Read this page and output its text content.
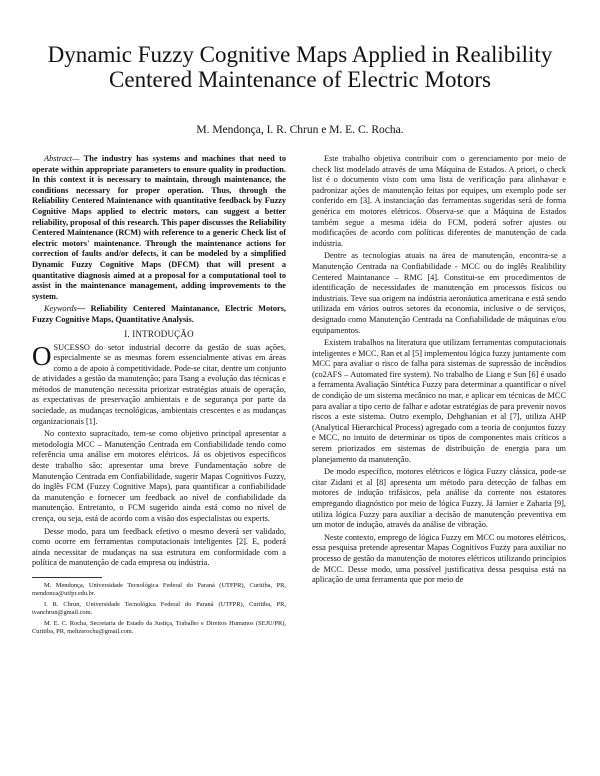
Dynamic Fuzzy Cognitive Maps Applied in Realibility Centered Maintenance of Electric Motors
M. Mendonça, I. R. Chrun e M. E. C. Rocha.

Abstract— The industry has systems and machines that need to operate within appropriate parameters to ensure quality in production. In this context it is necessary to maintain, through maintenance, the conditions necessary for proper operation. Thus, through the Reliability Centered Maintenance with quantitative feedback by Fuzzy Cognitive Maps applied to electric motors, can suggest a better reliability, proposal of this research. This paper discusses the Reliability Centered Maintenance (RCM) with reference to a generic Check list of electric motors' maintenance. Through the maintenance actions for correction of faults and/or defects, it can be modeled by a simplified Dynamic Fuzzy Cognitive Maps (DFCM) that will present a quantitative diagnosis aimed at a proposal for a computational tool to assist in the maintenance management, adding improvements to the system.

Keywords— Reliability Centered Maintanance, Electric Motors, Fuzzy Cognitive Maps, Quantitative Analysis.

I. INTRODUÇÃO

OSUCESSO do setor industrial decorre da gestão de suas ações, especialmente se as mesmas forem essencialmente ativas em áreas como a de apoio à competitividade. Pode-se citar, dentre um conjunto de atividades a gestão da manutenção; para Tsang a evolução das técnicas e métodos de manutenção necessita priorizar estratégias atuais de operação, as expectativas de preservação ambientais e de segurança por parte da sociedade, as mudanças tecnológicas, ambientais crescentes e as mudanças organizacionais [1].

No contexto supracitado, tem-se como objetivo principal apresentar a metodologia MCC – Manutenção Centrada em Confiabilidade tendo como referência uma análise em motores elétricos. Já os objetivos específicos deste trabalho são: apresentar uma breve Fundamentação sobre de Manutenção Centrada em Confiabilidade, sugerir Mapas Cognitivos Fuzzy, do inglês FCM (Fuzzy Cognitive Maps), para quantificar a confiabilidade da manutenção e fornecer um feedback ao nível de confiabilidade da manutenção. Entretanto, o FCM sugerido ainda está como no nível de crença, ou seja, está de acordo com a visão dos especialistas ou experts.

Desse modo, para um feedback efetivo o mesmo deverá ser validado, como ocorre em ferramentas computacionais inteligentes [2]. E, poderá ainda necessitar de mudanças na sua estrutura em conformidade com a política de manutenção de cada empresa ou indústria.

M. Mendonça, Universidade Tecnológica Federal do Paraná (UTFPR), Curitiba, PR, mendonca@utfpr.edu.br.

I. R. Chrun, Universidade Tecnológica Federal do Paraná (UTFPR), Curitiba, PR, ivanchrun@gmail.com.

M. E. C. Rocha, Secretaria de Estado da Justiça, Trabalho e Direitos Humanos (SEJU/PR), Curitiba, PR, melizerochu@gmail.com.

Este trabalho objetiva contribuir com o gerenciamento por meio de check list modelado através de uma Máquina de Estados. A priori, o check list é o documento visto com uma lista de verificação para alinhavar e padronizar ações de manutenção feitas por equipes, um exemplo pode ser conferido em [3]. A instanciação das ferramentas sugeridas será de forma genérica em motores elétricos. Observa-se que a Máquina de Estados também segue a mesma idéia do FCM, poderá sofrer ajustes ou modificações de acordo com políticas diferentes de manutenção de cada indústria.

Dentre as tecnologias atuais na área de manutenção, encontra-se a Manutenção Centrada na Confiabilidade - MCC ou do inglês Realibility Centered Maintanance – RMC [4]. Constitui-se em procedimentos de identificação de necessidades de manutenção em processos físicos ou industriais. Teve sua origem na indústria aeronáutica americana e está sendo utilizada em vários outros setores da economia, inclusive o de serviços, designado como Manutenção Centrada na Confiabilidade de máquinas e/ou equipamentos.

Existem trabalhos na literatura que utilizam ferramentas computacionais inteligentes e MCC. Ran et al [5] implementou lógica fuzzy juntamente com MCC para avaliar o risco de falha para sistemas de supressão de incêndios (co2AFS – Automated fire system). No trabalho de Liang e Sun [6] é usado a ferramenta Avaliação Sintética Fuzzy para determinar a quantificar o nível de condição de um sistema mecânico no mar, e aplicar em técnicas de MCC para avaliar a tipo certo de falhar e adotar estratégias de para prevenir novos riscos a este sistema. Outro exemplo, Dehghanian et al [7], utiliza AHP (Analytical Hierarchical Process) agregado com a teoria de conjuntos fuzzy e MCC, no intuito de determinar os tipos de componentes mais críticos a serem priorizados em sistemas de distribuição de energia para um planejamento da manutenção.

De modo específico, motores elétricos e lógica Fuzzy clássica, pode-se citar Zidani et al [8] apresenta um método para detecção de falhas em motores de indução trifásicos, pela análise da corrente nos estatores empregando diagnóstico por meio de lógica Fuzzy. Já Jarnier e Zaharia [9], utiliza lógica Fuzzy para auxiliar a decisão de manutenção preventiva em um motor de indução, através da análise de vibração.

Neste contexto, emprego de lógica Fuzzy em MCC ou motores elétricos, essa pesquisa pretende apresentar Mapas Cognitivos Fuzzy para auxiliar no processo de gestão da manutenção de motores elétricos utilizando princípios de MCC. Desse modo, uma possível justificativa dessa pesquisa está na aplicação de uma ferramenta que por meio de
